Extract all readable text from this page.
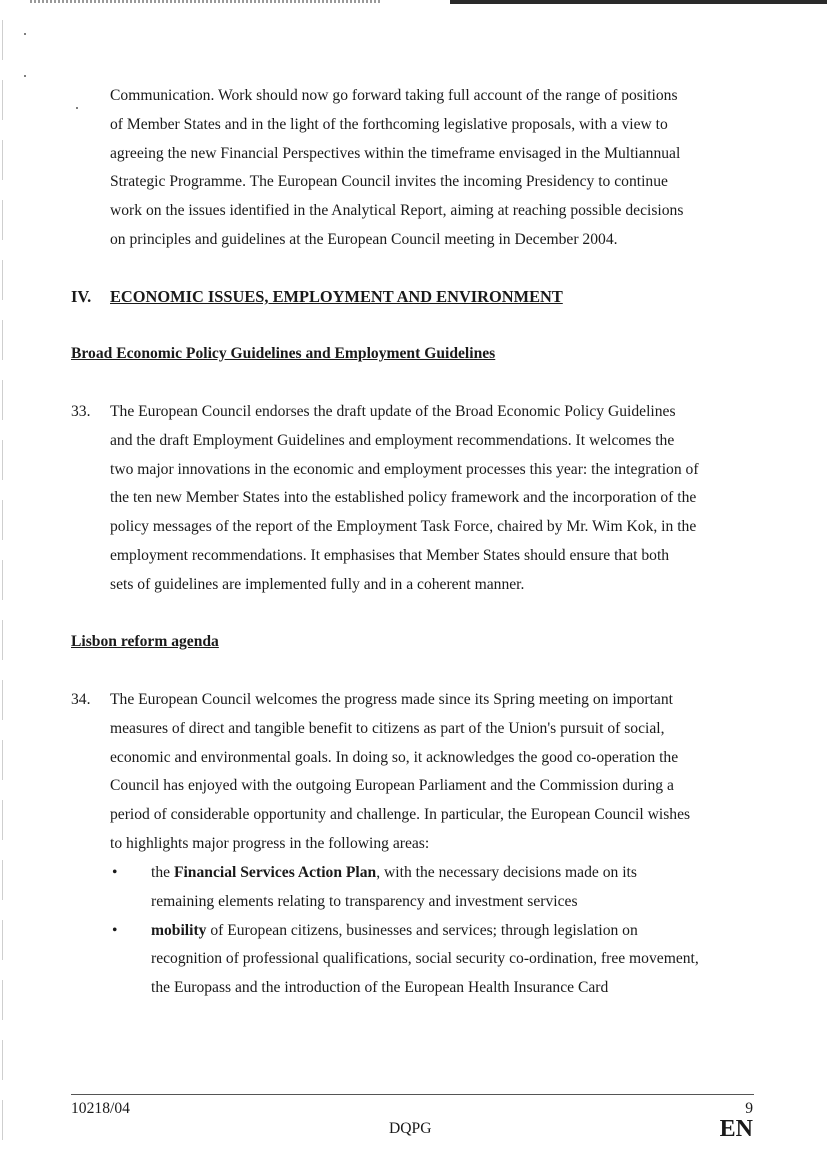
Communication. Work should now go forward taking full account of the range of positions

of Member States and in the light of the forthcoming legislative proposals, with a view to

agreeing the new Financial Perspectives within the timeframe envisaged in the Multiannual

Strategic Programme. The European Council invites the incoming Presidency to continue

work on the issues identified in the Analytical Report, aiming at reaching possible decisions

on principles and guidelines at the European Council meeting in December 2004.

IV. ECONOMIC ISSUES, EMPLOYMENT AND ENVIRONMENT
Broad Economic Policy Guidelines and Employment Guidelines
33. The European Council endorses the draft update of the Broad Economic Policy Guidelines

and the draft Employment Guidelines and employment recommendations. It welcomes the

two major innovations in the economic and employment processes this year: the integration of

the ten new Member States into the established policy framework and the incorporation of the

policy messages of the report of the Employment Task Force, chaired by Mr. Wim Kok, in the

employment recommendations. It emphasises that Member States should ensure that both

sets of guidelines are implemented fully and in a coherent manner.

Lisbon reform agenda
34. The European Council welcomes the progress made since its Spring meeting on important

measures of direct and tangible benefit to citizens as part of the Union's pursuit of social,

economic and environmental goals. In doing so, it acknowledges the good co-operation the

Council has enjoyed with the outgoing European Parliament and the Commission during a

period of considerable opportunity and challenge. In particular, the European Council wishes

to highlights major progress in the following areas:

• the Financial Services Action Plan, with the necessary decisions made on its
remaining elements relating to transparency and investment services
• mobility of European citizens, businesses and services; through legislation on
recognition of professional qualifications, social security co-ordination, free movement,
the Europass and the introduction of the European Health Insurance Card
10218/04
DQPG
9
EN
